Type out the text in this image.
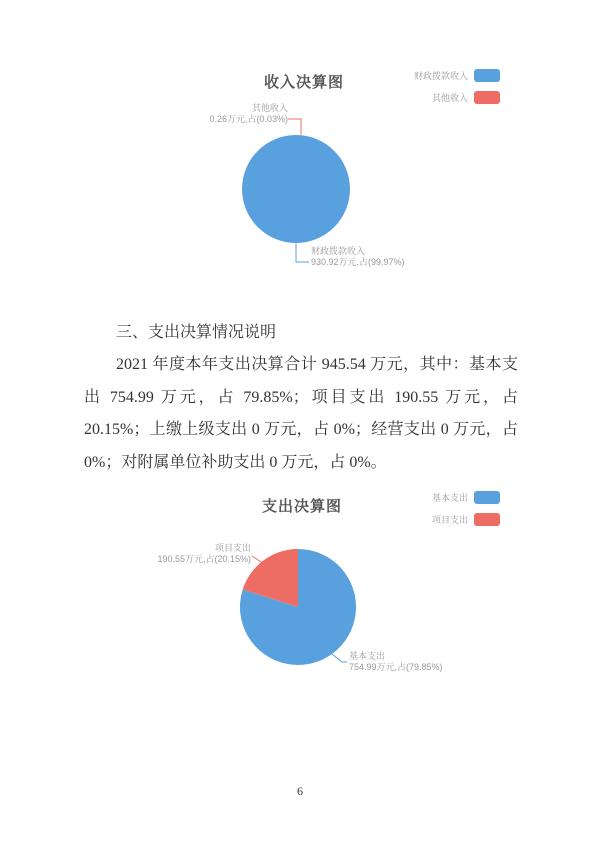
收入决算图	财政拨款收入
其他收入
其他收入
0.26万元,占(0.03%)
财政拨款收入
930.92万元,占(99.97%)

三、支出决算情况说明

2021 年度本年支出决算合计 945.54 万元，其中：基本支出 754.99 万元，占 79.85%；项目支出 190.55 万元，占 20.15%；上缴上级支出 0 万元，占 0%；经营支出 0 万元，占 0%；对附属单位补助支出 0 万元，占 0%。

支出决算图	基本支出
项目支出
项目支出
190.55万元,占(20.15%)
基本支出
754.99万元,占(79.85%)
6
